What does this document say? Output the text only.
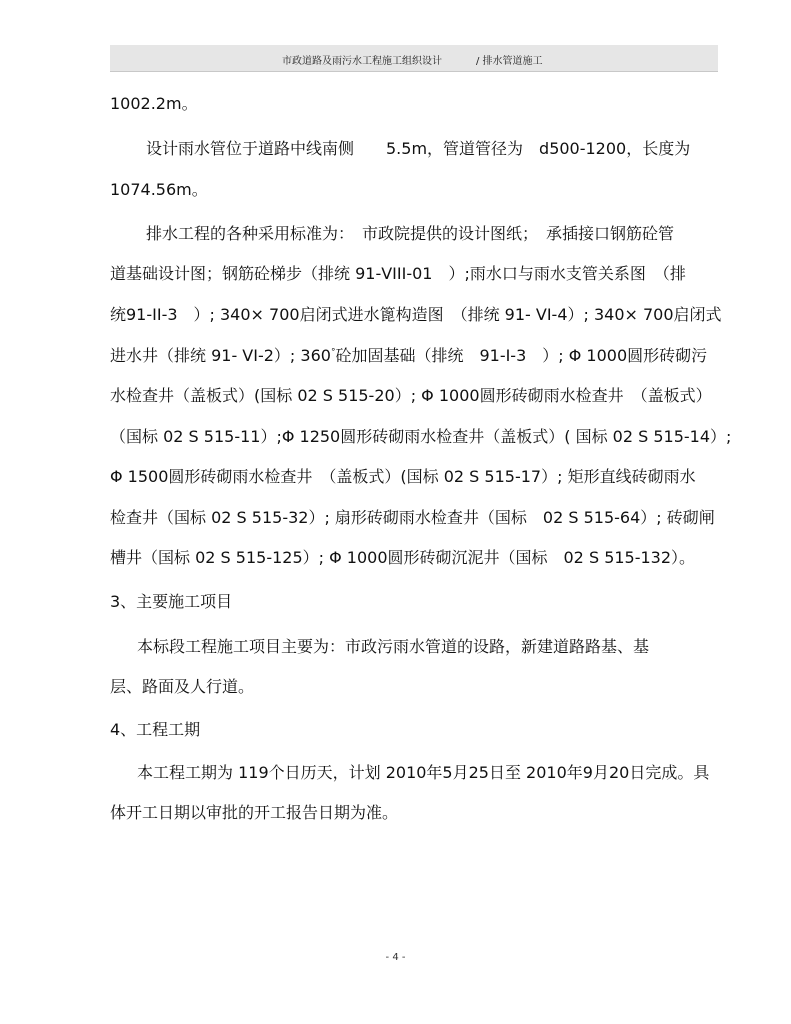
市政道路及雨污水工程施工组织设计	/ 排水管道施工
1002.2m。
设计雨水管位于道路中线南侧　　5.5m，管道管径为　d500-1200，长度为
1074.56m。
排水工程的各种采用标准为：　市政院提供的设计图纸；　承插接口钢筋砼管
道基础设计图；钢筋砼梯步（排统 91-VIII-01　）;雨水口与雨水支管关系图　（排
统91-II-3　）; 340× 700启闭式进水篦构造图　（排统 91- VI-4）; 340× 700启闭式
进水井（排统 91- VI-2）; 360°砼加固基础（排统　91-I-3　）; Φ 1000圆形砖砌污
水检查井（盖板式）(国标 02 S 515-20）; Φ 1000圆形砖砌雨水检查井　（盖板式）
（国标 02 S 515-11）;Φ 1250圆形砖砌雨水检查井（盖板式）( 国标 02 S 515-14）;
Φ 1500圆形砖砌雨水检查井　（盖板式）(国标 02 S 515-17）; 矩形直线砖砌雨水
检查井（国标 02 S 515-32）; 扇形砖砌雨水检查井（国标　02 S 515-64）; 砖砌闸
槽井（国标 02 S 515-125）; Φ 1000圆形砖砌沉泥井（国标　02 S 515-132）。
3、主要施工项目
本标段工程施工项目主要为：市政污雨水管道的设路，新建道路路基、基
层、路面及人行道。
4、工程工期
本工程工期为 119个日历天，计划 2010年5月25日至 2010年9月20日完成。具
体开工日期以审批的开工报告日期为准。
- 4 -
